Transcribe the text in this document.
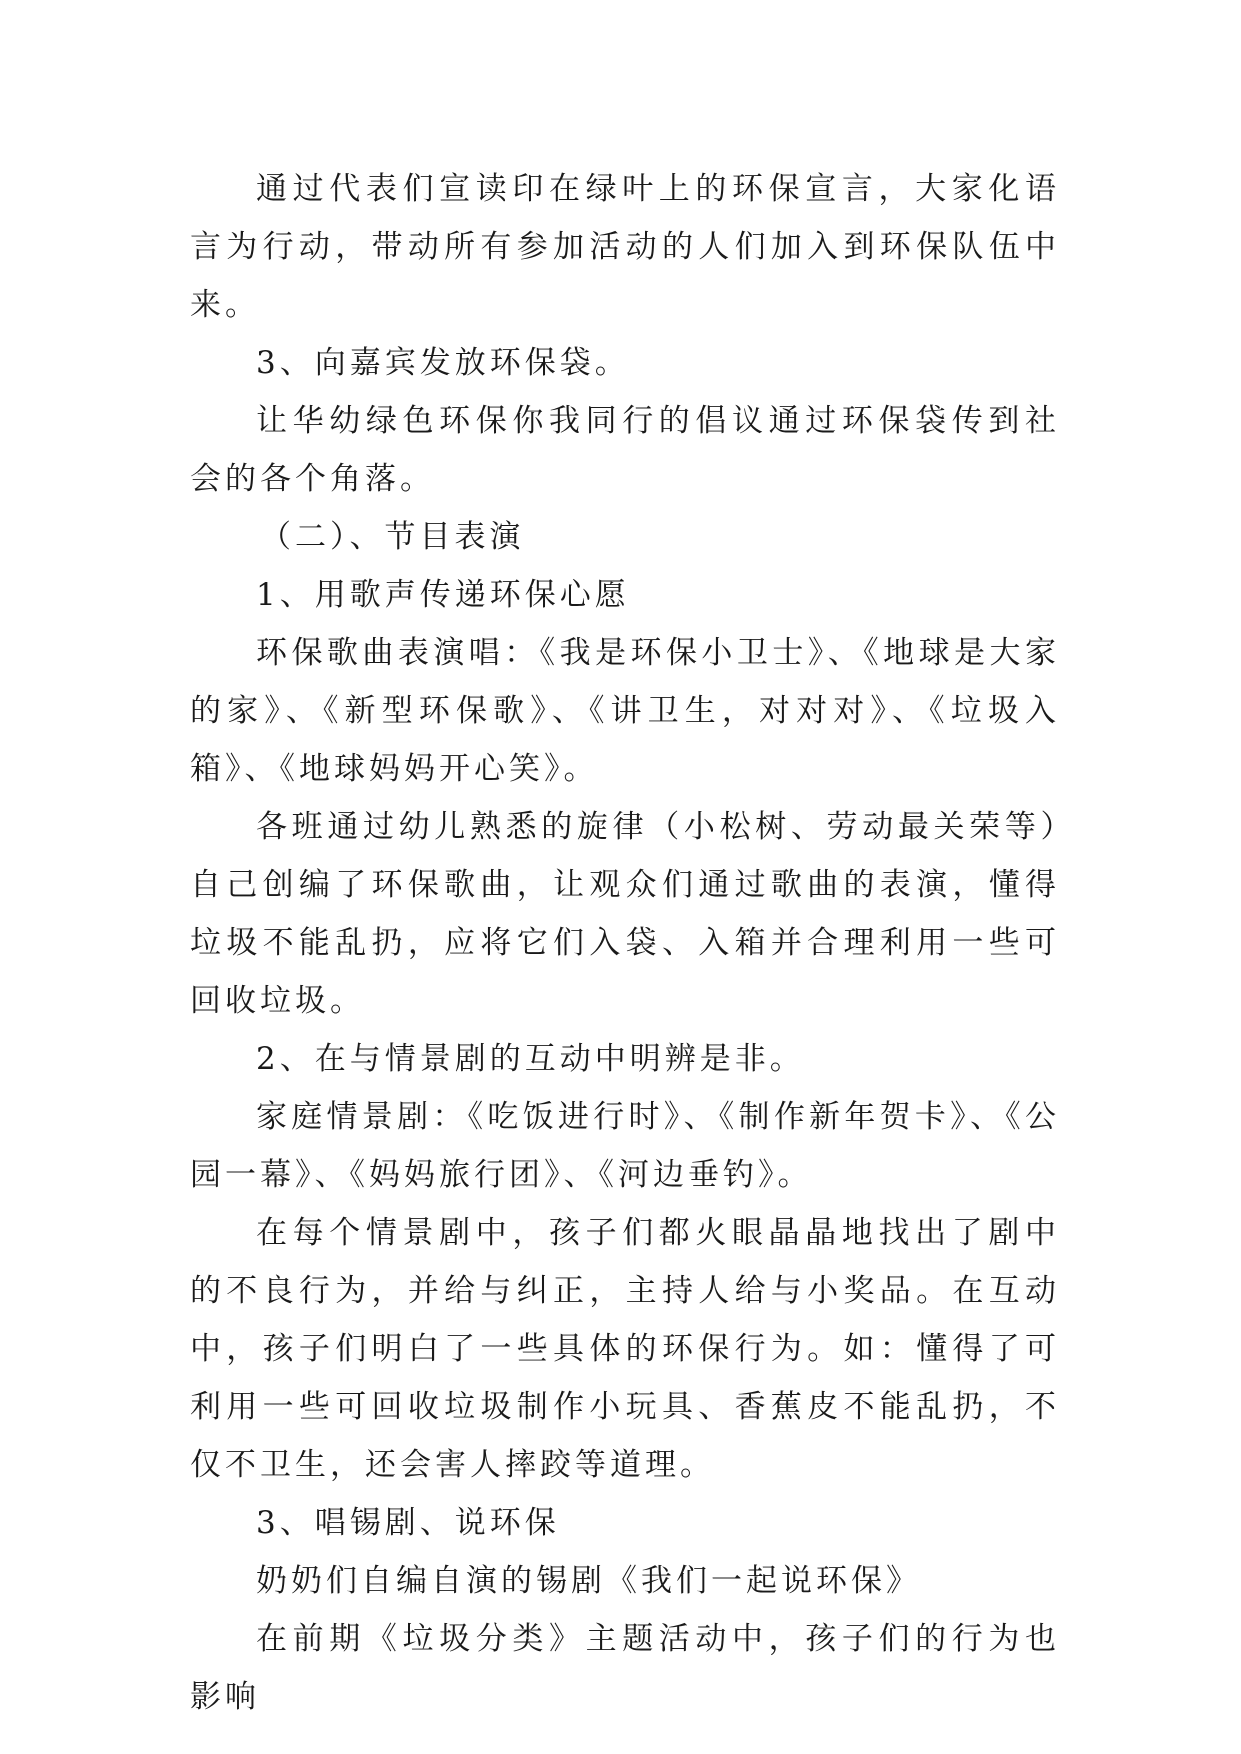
通过代表们宣读印在绿叶上的环保宣言，大家化语言为行动，带动所有参加活动的人们加入到环保队伍中来。

3、向嘉宾发放环保袋。

让华幼绿色环保你我同行的倡议通过环保袋传到社会的各个角落。

（二）、节目表演

1、用歌声传递环保心愿

环保歌曲表演唱：《我是环保小卫士》、《地球是大家的家》、《新型环保歌》、《讲卫生，对对对》、《垃圾入箱》、《地球妈妈开心笑》。

各班通过幼儿熟悉的旋律（小松树、劳动最关荣等）自己创编了环保歌曲，让观众们通过歌曲的表演，懂得垃圾不能乱扔，应将它们入袋、入箱并合理利用一些可回收垃圾。

2、在与情景剧的互动中明辨是非。

家庭情景剧：《吃饭进行时》、《制作新年贺卡》、《公园一幕》、《妈妈旅行团》、《河边垂钓》。

在每个情景剧中，孩子们都火眼晶晶地找出了剧中的不良行为，并给与纠正，主持人给与小奖品。在互动中，孩子们明白了一些具体的环保行为。如：懂得了可利用一些可回收垃圾制作小玩具、香蕉皮不能乱扔，不仅不卫生，还会害人摔跤等道理。

3、唱锡剧、说环保

奶奶们自编自演的锡剧《我们一起说环保》

在前期《垃圾分类》主题活动中，孩子们的行为也影响
